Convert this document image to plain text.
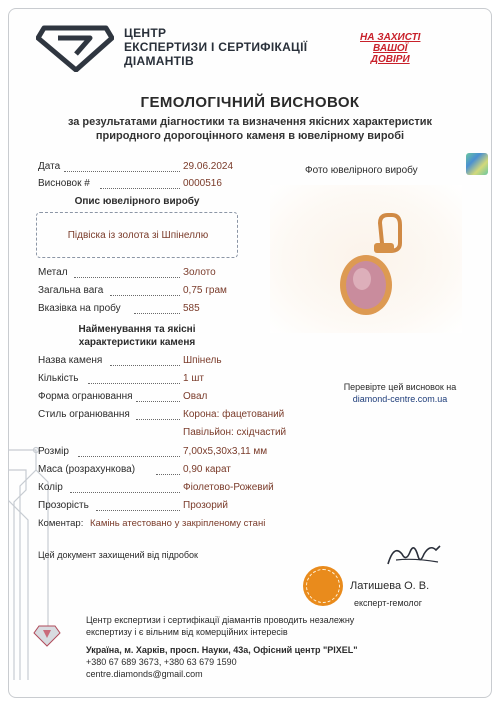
ЦЕНТР
ЕКСПЕРТИЗИ І СЕРТИФІКАЦІЇ
ДІАМАНТІВ
НА ЗАХИСТІ
ВАШОЇ
ДОВІРИ
ГЕМОЛОГІЧНИЙ ВИСНОВОК
за результатами діагностики та визначення якісних характеристик
природного дорогоцінного каменя в ювелірному виробі
Дата	29.06.2024
Висновок #	0000516
Фото ювелірного виробу
Опис ювелірного виробу
Підвіска із золота зі Шпінеллю
Метал	Золото
Загальна вага	0,75 грам
Вказівка на пробу	585
Найменування та якісні
характеристики каменя
Назва каменя	Шпінель
Кількість	1 шт
Форма огранювання	Овал
Стиль огранювання	Корона: фацетований
Павільйон: східчастий
Розмір	7,00х5,30х3,11 мм
Маса (розрахункова)	0,90 карат
Колір	Фіолетово-Рожевий
Прозорість	Прозорий
Коментар: Камінь атестовано у закріпленому стані
Перевірте цей висновок на
diamond-centre.com.ua
Цей документ захищений від підробок
Латишева О. В.
експерт-гемолог
Центр експертизи і сертифікації діамантів проводить незалежну
експертизу і є вільним від комерційних інтересів
Україна, м. Харків, просп. Науки, 43а, Офісний центр "PIXEL"
+380 67 689 3673, +380 63 679 1590
centre.diamonds@gmail.com
